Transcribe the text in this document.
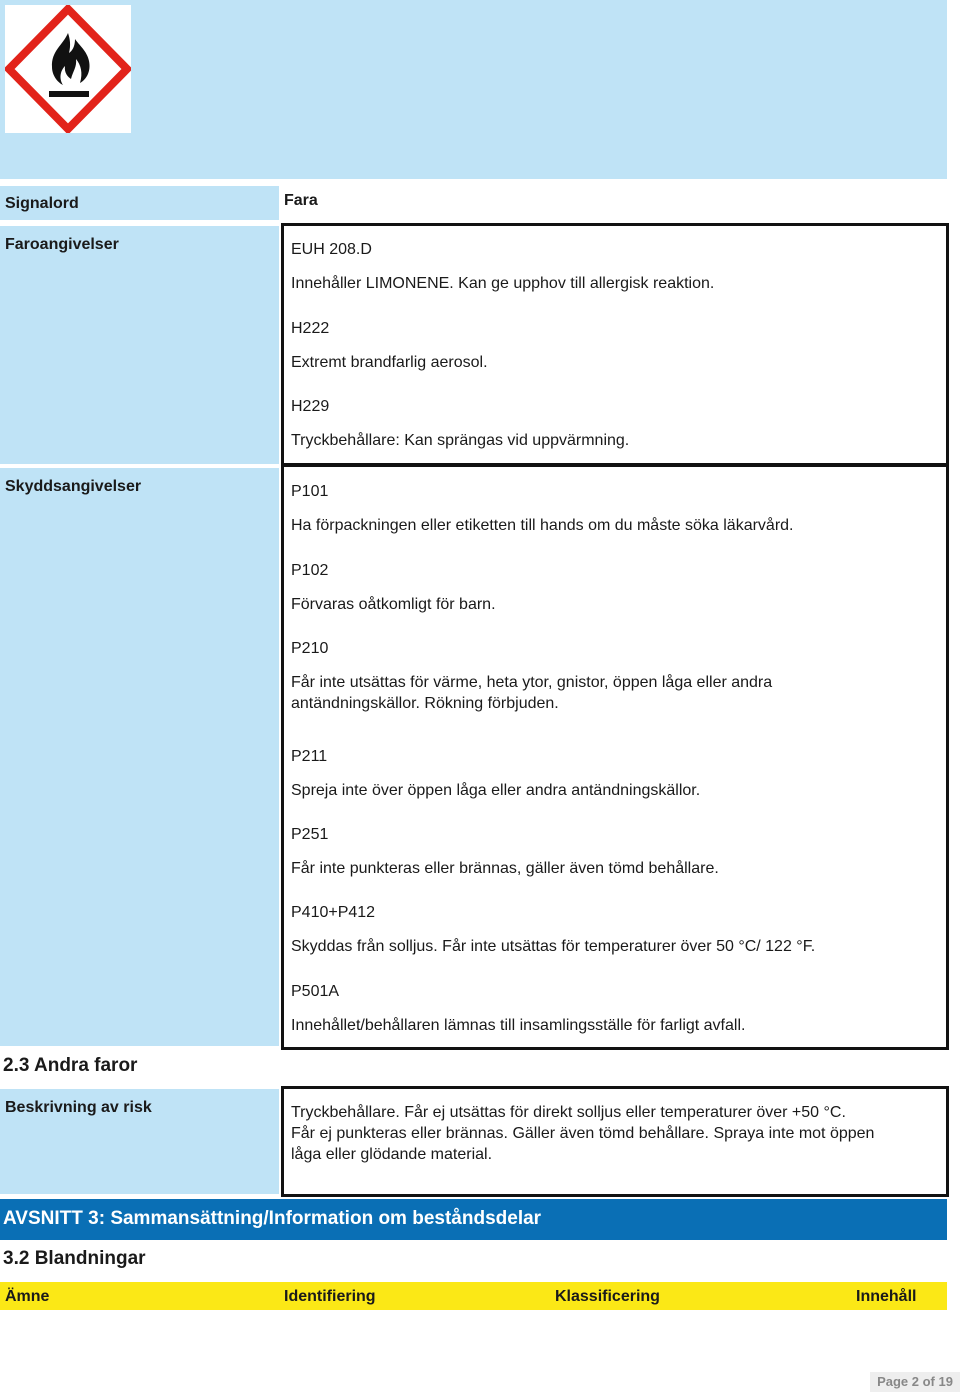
Signalord	Fara
Faroangivelser	EUH 208.D
Innehåller LIMONENE. Kan ge upphov till allergisk reaktion.
H222
Extremt brandfarlig aerosol.
H229
Tryckbehållare: Kan sprängas vid uppvärmning.
Skyddsangivelser	P101
Ha förpackningen eller etiketten till hands om du måste söka läkarvård.
P102
Förvaras oåtkomligt för barn.
P210
Får inte utsättas för värme, heta ytor, gnistor, öppen låga eller andra
antändningskällor. Rökning förbjuden.
P211
Spreja inte över öppen låga eller andra antändningskällor.
P251
Får inte punkteras eller brännas, gäller även tömd behållare.
P410+P412
Skyddas från solljus. Får inte utsättas för temperaturer över 50 °C/ 122 °F.
P501A
Innehållet/behållaren lämnas till insamlingsställe för farligt avfall.
2.3 Andra faror
Beskrivning av risk	Tryckbehållare. Får ej utsättas för direkt solljus eller temperaturer över +50 °C.
Får ej punkteras eller brännas. Gäller även tömd behållare. Spraya inte mot öppen
låga eller glödande material.
AVSNITT 3: Sammansättning/Information om beståndsdelar
3.2 Blandningar
Ämne	Identifiering	Klassificering	Innehåll
Page 2 of 19
